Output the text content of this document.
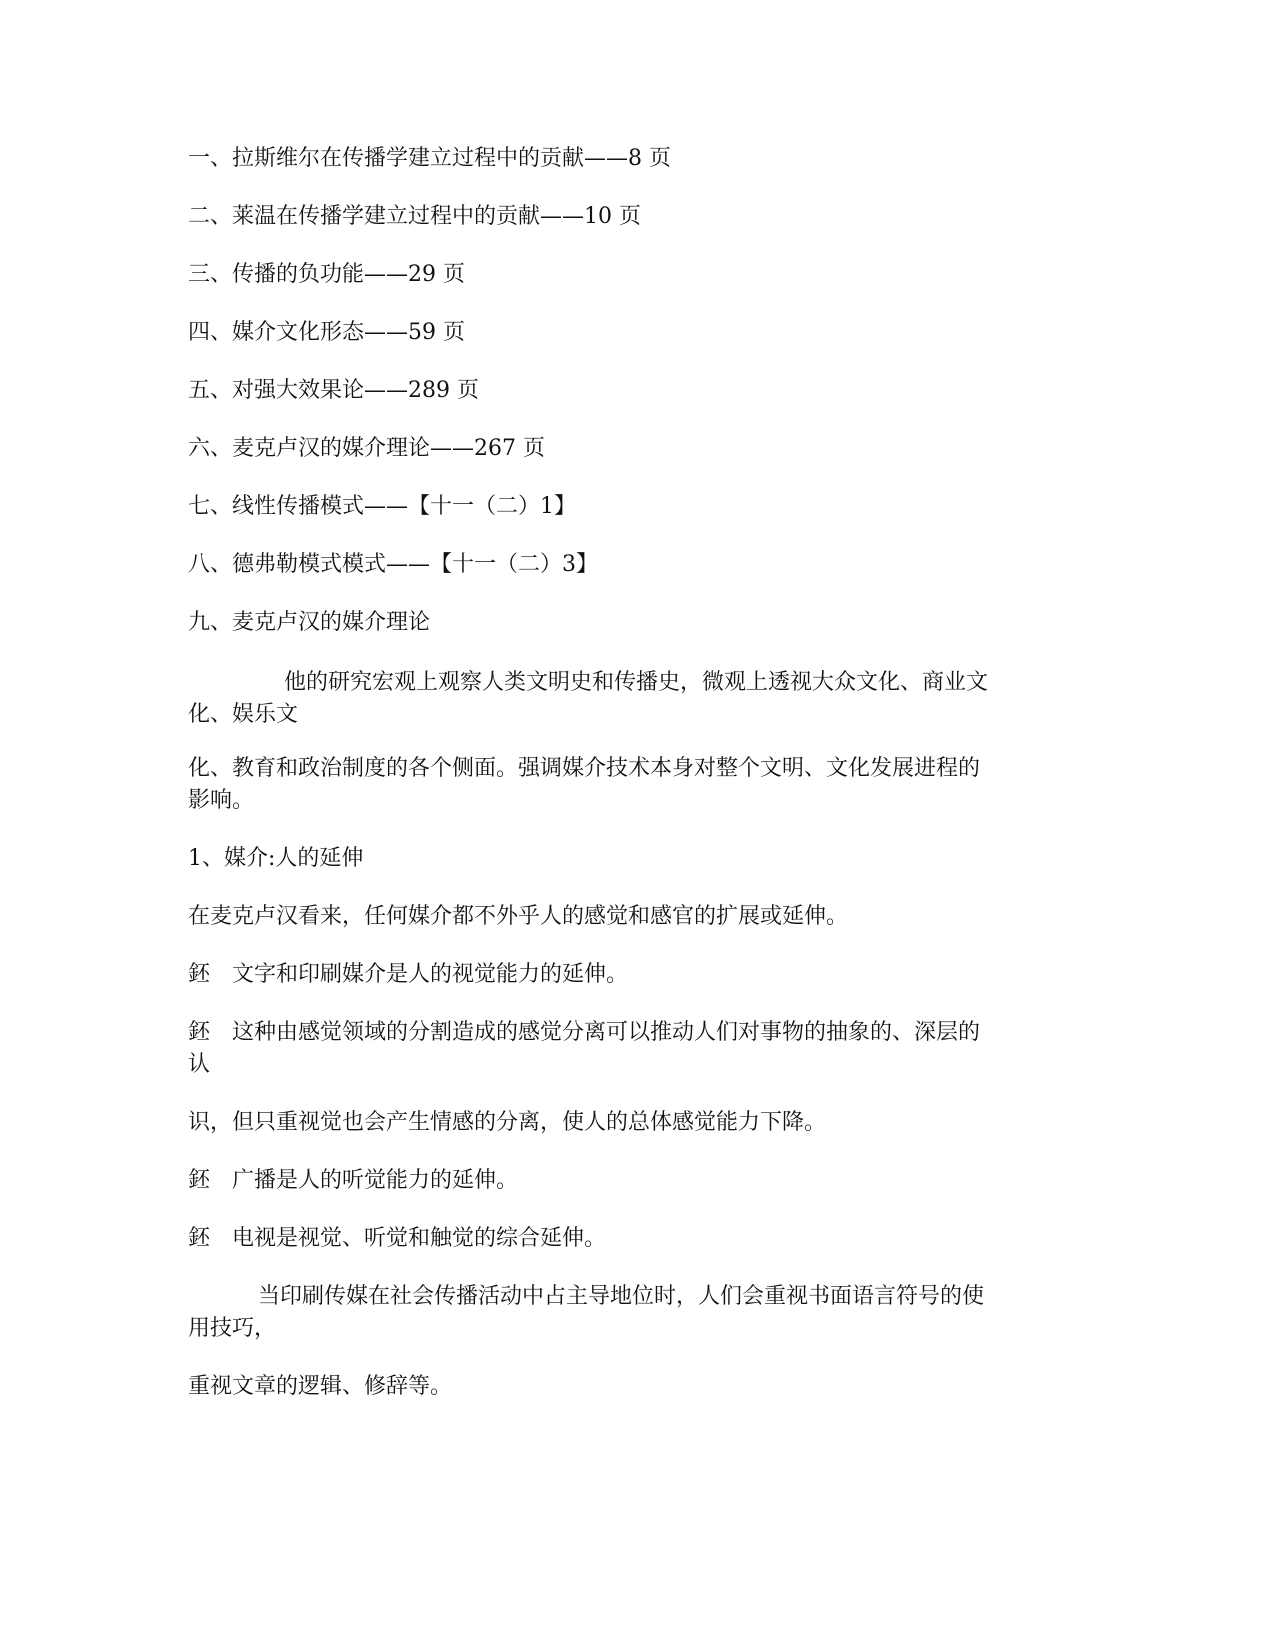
一、拉斯维尔在传播学建立过程中的贡献——8 页
二、莱温在传播学建立过程中的贡献——10 页
三、传播的负功能——29 页
四、媒介文化形态——59 页
五、对强大效果论——289 页
六、麦克卢汉的媒介理论——267 页
七、线性传播模式——【十一（二）1】
八、德弗勒模式模式——【十一（二）3】
九、麦克卢汉的媒介理论
他的研究宏观上观察人类文明史和传播史，微观上透视大众文化、商业文
化、娱乐文
化、教育和政治制度的各个侧面。强调媒介技术本身对整个文明、文化发展进程的
影响。
1、媒介:人的延伸
在麦克卢汉看来，任何媒介都不外乎人的感觉和感官的扩展或延伸。
鉟 文字和印刷媒介是人的视觉能力的延伸。
鉟 这种由感觉领域的分割造成的感觉分离可以推动人们对事物的抽象的、深层的
认
识，但只重视觉也会产生情感的分离，使人的总体感觉能力下降。
鉟 广播是人的听觉能力的延伸。
鉟 电视是视觉、听觉和触觉的综合延伸。
当印刷传媒在社会传播活动中占主导地位时，人们会重视书面语言符号的使
用技巧，
重视文章的逻辑、修辞等。
